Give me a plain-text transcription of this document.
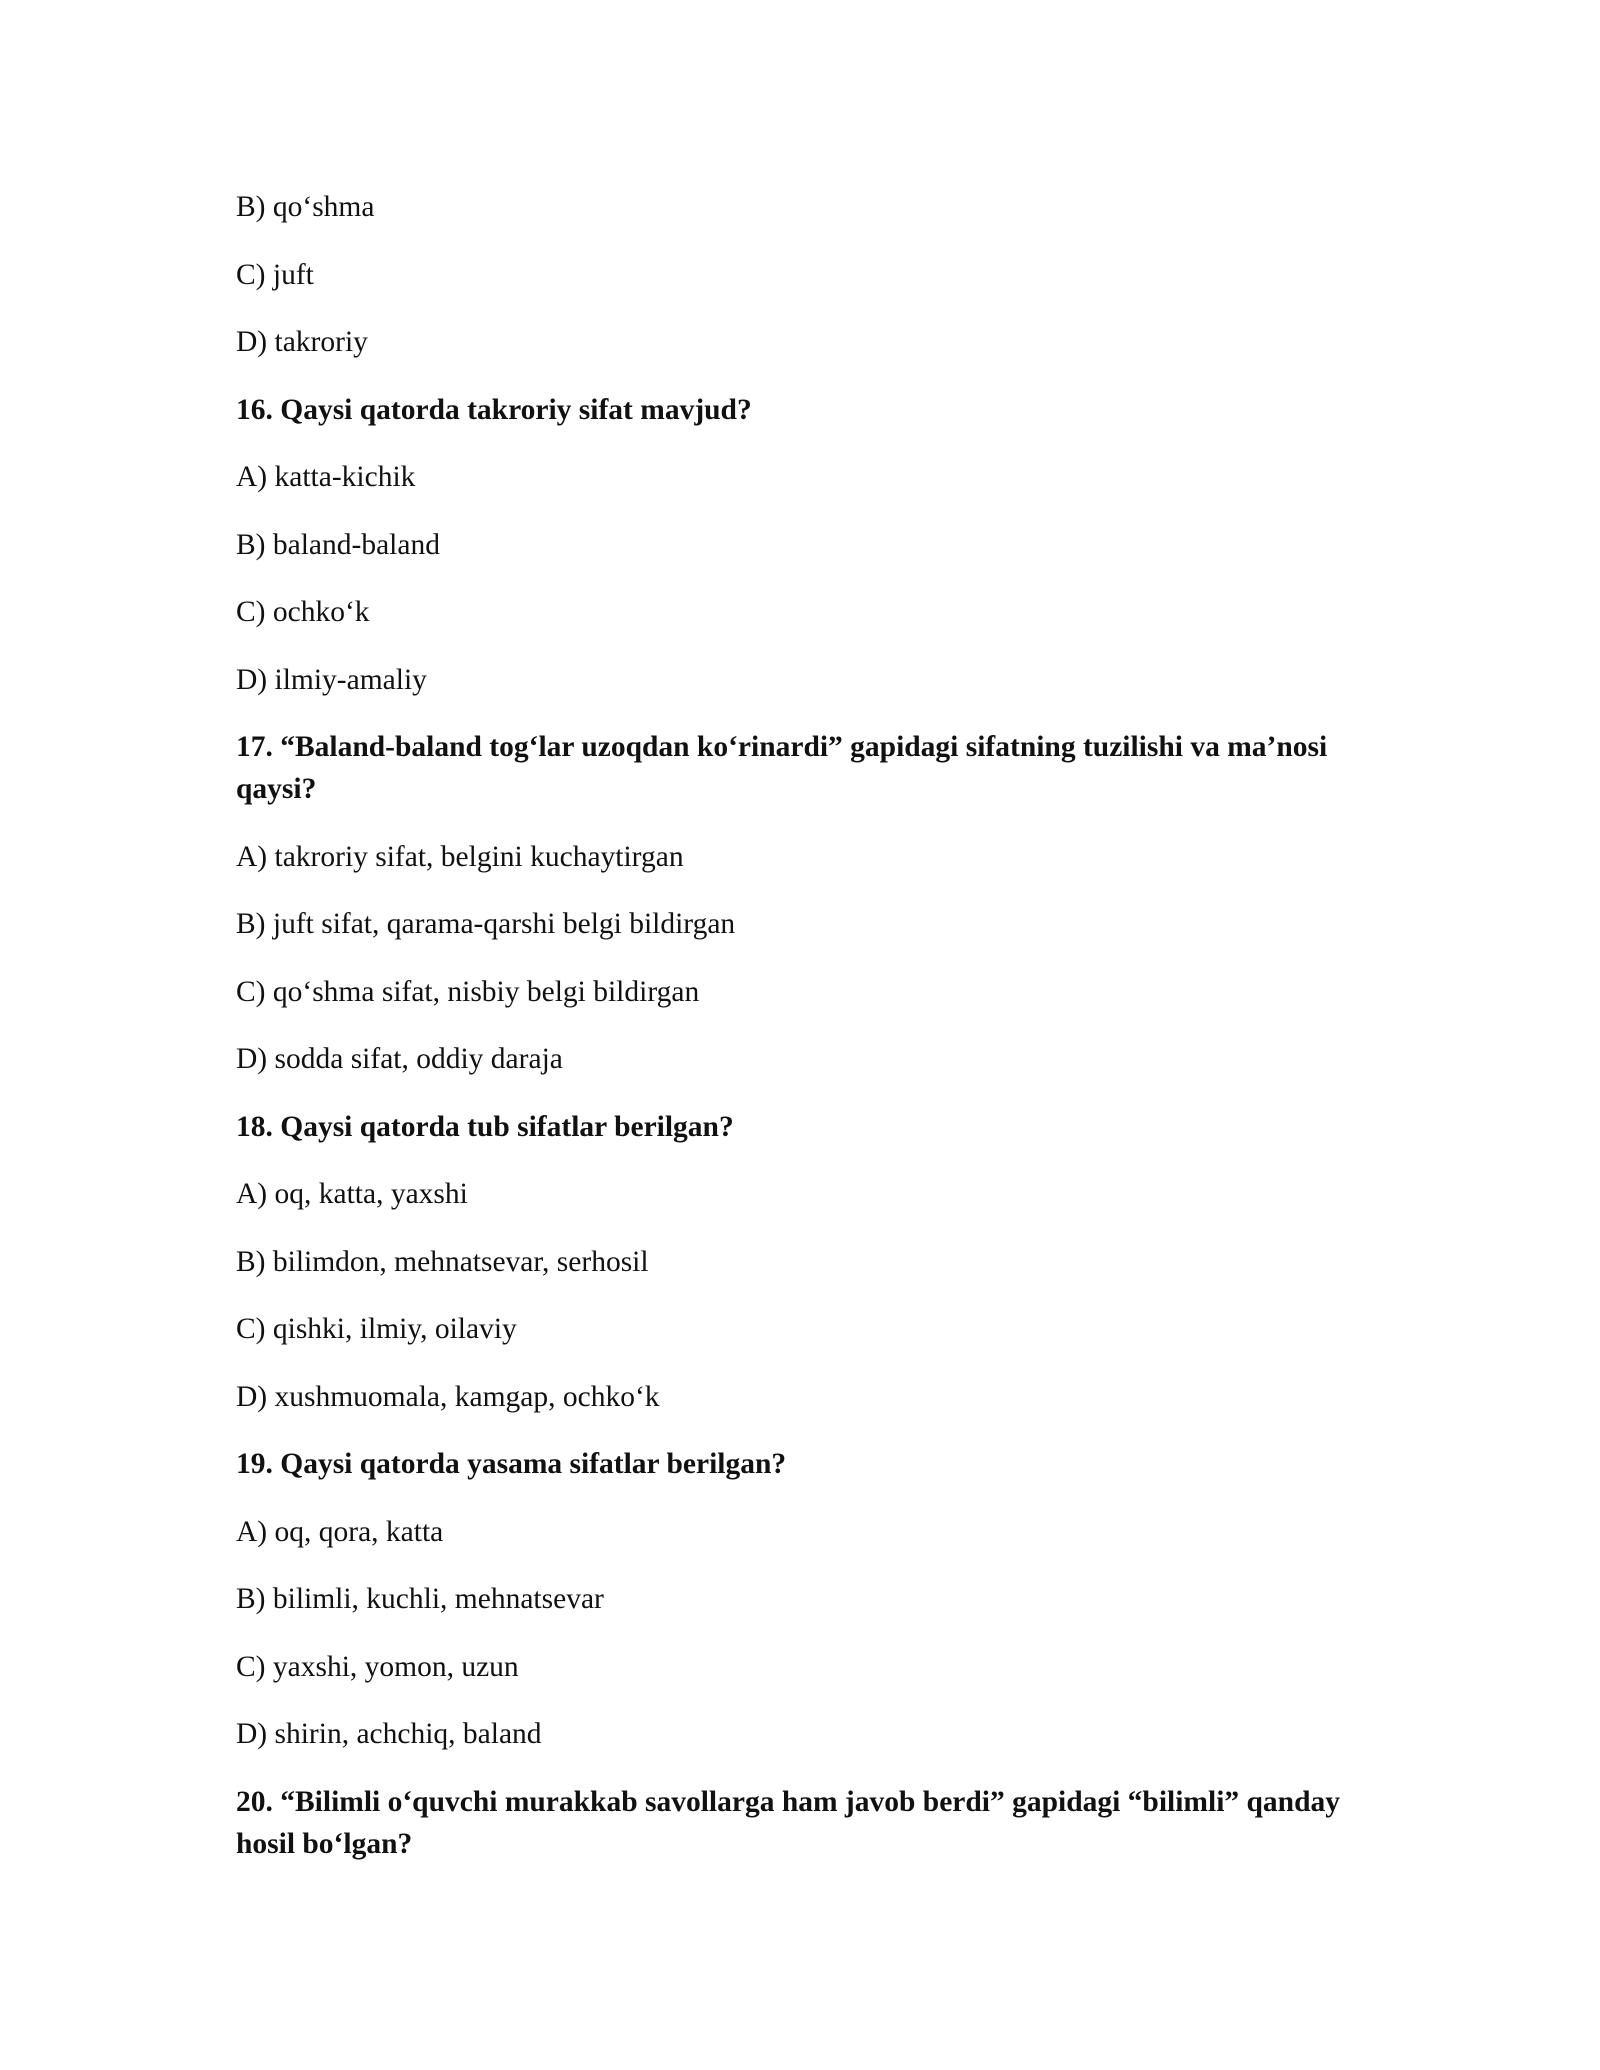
B) qo‘shma

C) juft

D) takroriy

16. Qaysi qatorda takroriy sifat mavjud?

A) katta-kichik

B) baland-baland

C) ochko‘k

D) ilmiy-amaliy

17. “Baland-baland tog‘lar uzoqdan ko‘rinardi” gapidagi sifatning tuzilishi va ma’nosi qaysi?

A) takroriy sifat, belgini kuchaytirgan

B) juft sifat, qarama-qarshi belgi bildirgan

C) qo‘shma sifat, nisbiy belgi bildirgan

D) sodda sifat, oddiy daraja

18. Qaysi qatorda tub sifatlar berilgan?

A) oq, katta, yaxshi

B) bilimdon, mehnatsevar, serhosil

C) qishki, ilmiy, oilaviy

D) xushmuomala, kamgap, ochko‘k

19. Qaysi qatorda yasama sifatlar berilgan?

A) oq, qora, katta

B) bilimli, kuchli, mehnatsevar

C) yaxshi, yomon, uzun

D) shirin, achchiq, baland

20. “Bilimli o‘quvchi murakkab savollarga ham javob berdi” gapidagi “bilimli” qanday hosil bo‘lgan?
